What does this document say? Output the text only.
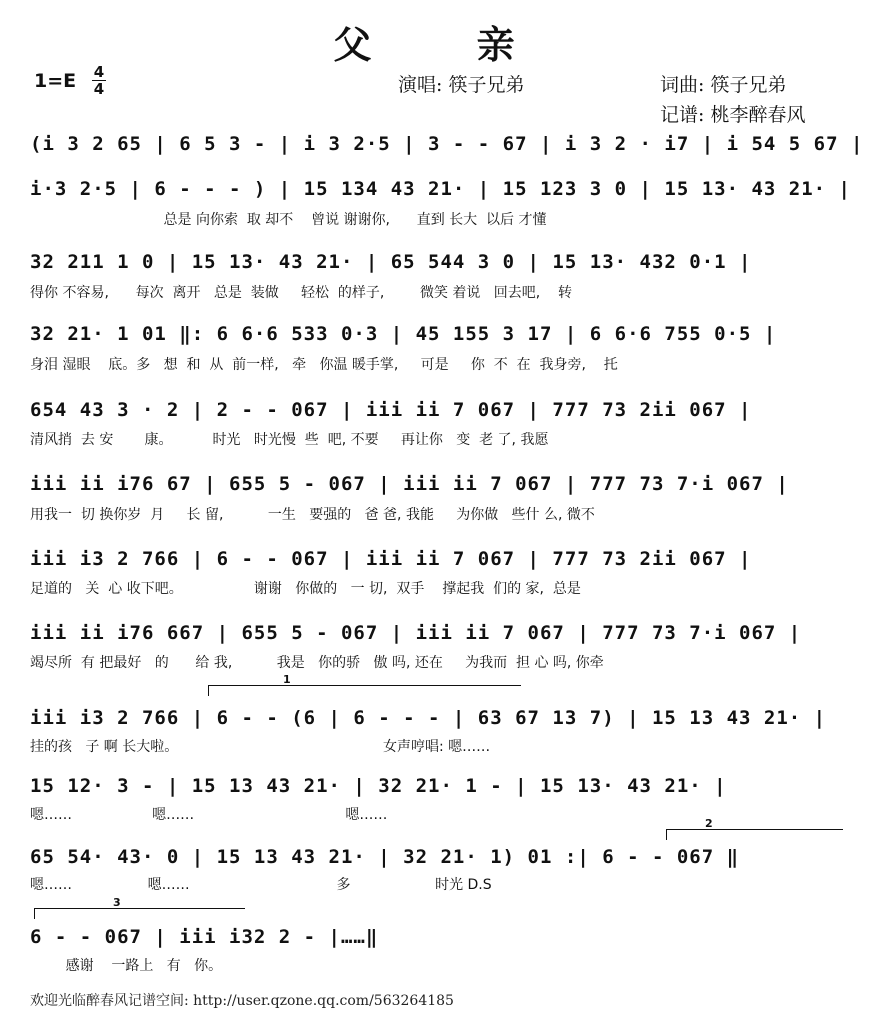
父 亲
1=E 4
4	演唱: 筷子兄弟	词曲: 筷子兄弟
记谱: 桃李醉春风
(i 3 2 65 | 6 5 3 - | i 3 2·5 | 3 - - 67 | i 3 2 · i7 | i 54 5 67 |
i·3 2·5 | 6 - - - ) | 15 134 43 21· | 15 123 3 0 | 15 13· 43 21· |
总是 向你索  取 却不    曾说 谢谢你,      直到 长大  以后 才懂
32 211 1 0 | 15 13· 43 21· | 65 544 3 0 | 15 13· 432 0·1 |
得你 不容易,      每次  离开   总是  装做     轻松  的样子,        微笑 着说   回去吧,    转
32 21· 1 01 ‖: 6 6·6 533 0·3 | 45 155 3 17 | 6 6·6 755 0·5 |
身泪 湿眼    底。多   想  和  从  前一样,   牵   你温 暖手掌,     可是     你  不  在  我身旁,    托
654 43 3 · 2 | 2 - - 067 | iii ii 7 067 | 777 73 2ii 067 |
清风捎  去 安       康。         时光   时光慢  些  吧, 不要     再让你   变  老 了, 我愿
iii ii i76 67 | 655 5 - 067 | iii ii 7 067 | 777 73 7·i 067 |
用我一  切 换你岁  月     长 留,          一生   要强的   爸 爸, 我能     为你做   些什 么, 微不
iii i3 2 766 | 6 - - 067 | iii ii 7 067 | 777 73 2ii 067 |
足道的   关  心 收下吧。                谢谢   你做的   一 切,  双手    撑起我  们的 家,  总是
iii ii i76 667 | 655 5 - 067 | iii ii 7 067 | 777 73 7·i 067 |
竭尽所  有 把最好   的      给 我,          我是   你的骄   傲 吗, 还在     为我而  担 心 吗, 你牵
1
iii i3 2 766 | 6 - - (6 | 6 - - - | 63 67 13 7) | 15 13 43 21· |
挂的孩   子 啊 长大啦。                                              女声哼唱: 嗯……
15 12· 3 - | 15 13 43 21· | 32 21· 1 - | 15 13· 43 21· |
嗯……                  嗯……                                  嗯……
2
65 54· 43· 0 | 15 13 43 21· | 32 21· 1) 01 :| 6 - - 067 ‖
嗯……                 嗯……                                 多                   时光 D.S
3
6 - - 067 | iii i32 2 - |……‖
感谢    一路上   有   你。
欢迎光临醉春风记谱空间: http://user.qzone.qq.com/563264185
